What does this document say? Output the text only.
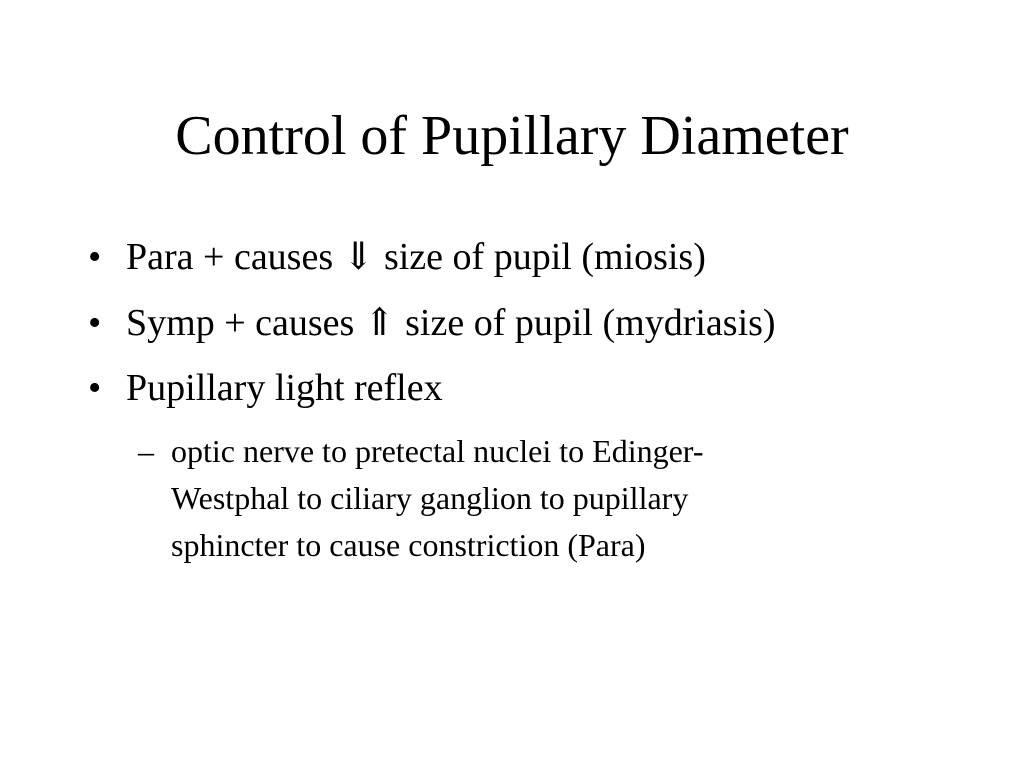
Control of Pupillary Diameter
• Para + causes ⇓ size of pupil (miosis)
• Symp + causes ⇑ size of pupil (mydriasis)
• Pupillary light reflex
– optic nerve to pretectal nuclei to Edinger-
Westphal to ciliary ganglion to pupillary
sphincter to cause constriction (Para)
